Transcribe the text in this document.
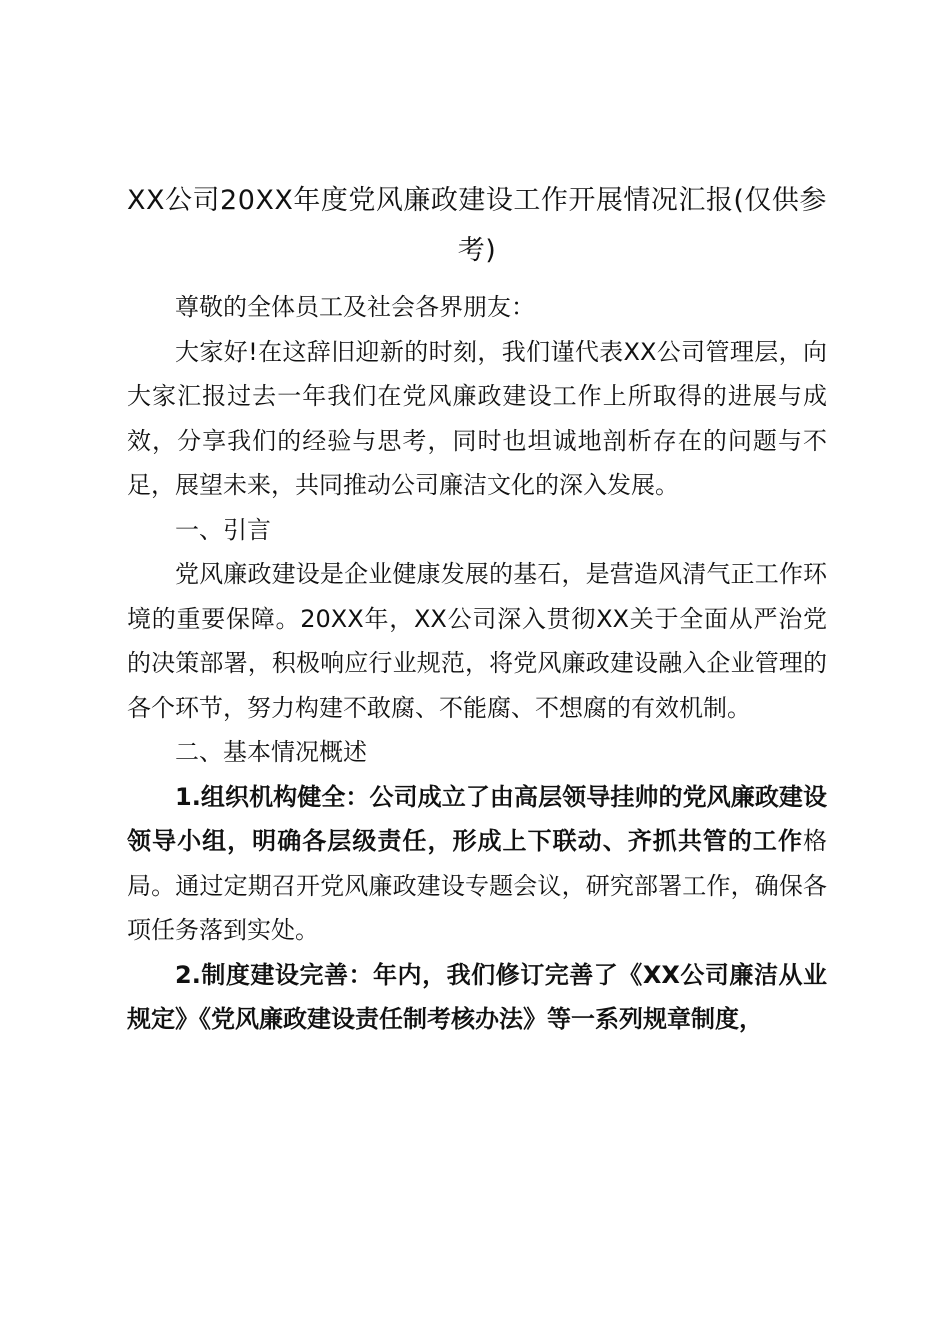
XX公司20XX年度党风廉政建设工作开展情况汇报(仅供参考)

尊敬的全体员工及社会各界朋友：

大家好!在这辞旧迎新的时刻，我们谨代表XX公司管理层，向大家汇报过去一年我们在党风廉政建设工作上所取得的进展与成效，分享我们的经验与思考，同时也坦诚地剖析存在的问题与不足，展望未来，共同推动公司廉洁文化的深入发展。

一、引言

党风廉政建设是企业健康发展的基石，是营造风清气正工作环境的重要保障。20XX年，XX公司深入贯彻XX关于全面从严治党的决策部署，积极响应行业规范，将党风廉政建设融入企业管理的各个环节，努力构建不敢腐、不能腐、不想腐的有效机制。

二、基本情况概述

1.组织机构健全：公司成立了由高层领导挂帅的党风廉政建设领导小组，明确各层级责任，形成上下联动、齐抓共管的工作格局。通过定期召开党风廉政建设专题会议，研究部署工作，确保各项任务落到实处。

2.制度建设完善：年内，我们修订完善了《XX公司廉洁从业规定》《党风廉政建设责任制考核办法》等一系列规章制度，
